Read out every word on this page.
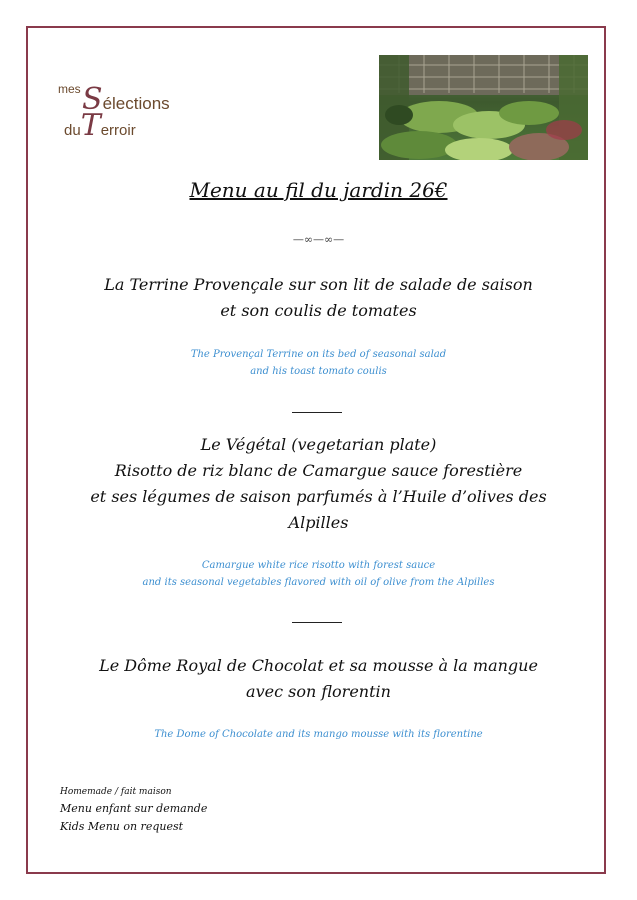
mes Sélections
duTerroir
Menu au fil du jardin 26€
—∞—∞—
La Terrine Provençale sur son lit de salade de saison
et son coulis de tomates
The Provençal Terrine on its bed of seasonal salad
and his toast tomato coulis
Le Végétal (vegetarian plate)
Risotto de riz blanc de Camargue sauce forestière
et ses légumes de saison parfumés à l’Huile d’olives des
Alpilles
Camargue white rice risotto with forest sauce
and its seasonal vegetables flavored with oil of olive from the Alpilles
Le Dôme Royal de Chocolat et sa mousse à la mangue
avec son florentin
The Dome of Chocolate and its mango mousse with its florentine
Homemade / fait maison
Menu enfant sur demande
Kids Menu on request
